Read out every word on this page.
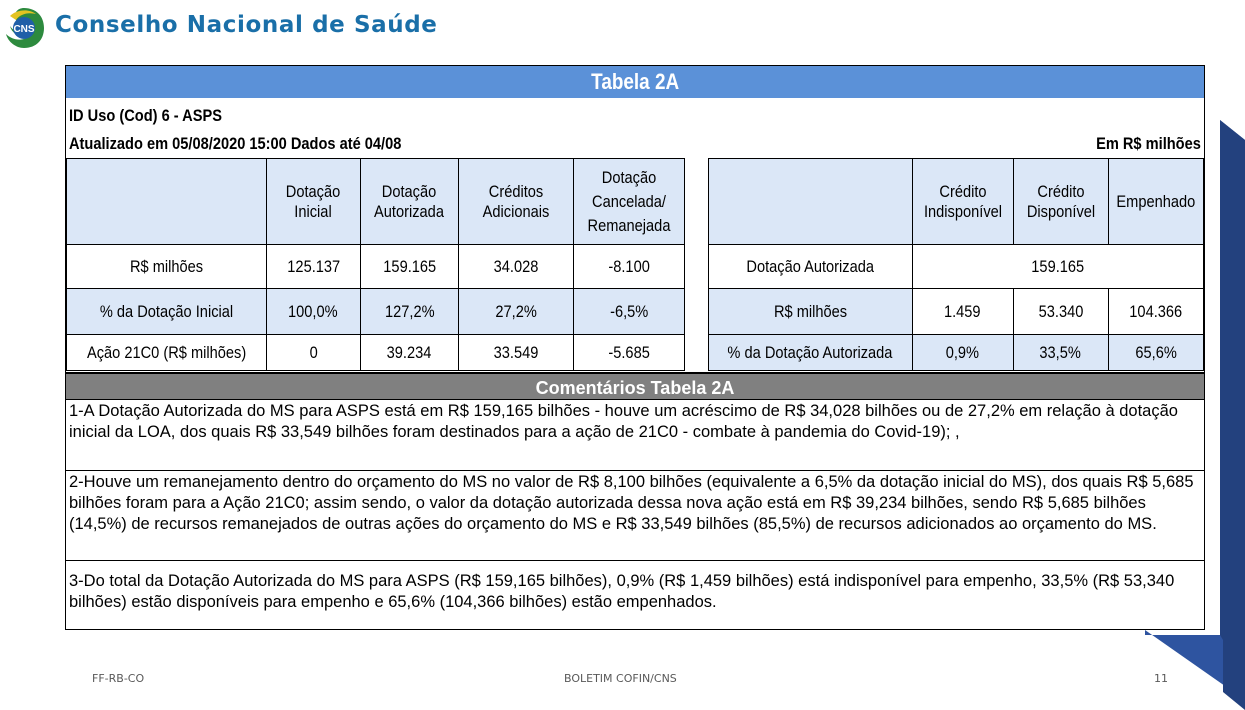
CNS Conselho Nacional de Saúde
Tabela 2A
ID Uso (Cod) 6 - ASPS
Atualizado em 05/08/2020 15:00 Dados até 04/08	Em R$ milhões
	Dotação Inicial	Dotação Autorizada	Créditos Adicionais	Dotação Cancelada/ Remanejada
R$ milhões	125.137	159.165	34.028	-8.100
% da Dotação Inicial	100,0%	127,2%	27,2%	-6,5%
Ação 21C0 (R$ milhões)	0	39.234	33.549	-5.685
	Crédito Indisponível	Crédito Disponível	Empenhado
Dotação Autorizada	159.165		
R$ milhões	1.459	53.340	104.366
% da Dotação Autorizada	0,9%	33,5%	65,6%
Comentários Tabela 2A
1-A Dotação Autorizada do MS para ASPS está em R$ 159,165 bilhões - houve um acréscimo de R$ 34,028 bilhões ou de 27,2% em relação à dotação inicial da LOA, dos quais R$ 33,549 bilhões foram destinados para a ação de 21C0 - combate à pandemia do Covid-19); ,
2-Houve um remanejamento dentro do orçamento do MS no valor de R$ 8,100 bilhões (equivalente a 6,5% da dotação inicial do MS), dos quais R$ 5,685 bilhões foram para a Ação 21C0; assim sendo, o valor da dotação autorizada dessa nova ação está em R$ 39,234 bilhões, sendo R$ 5,685 bilhões (14,5%) de recursos remanejados de outras ações do orçamento do MS e R$ 33,549 bilhões (85,5%) de recursos adicionados ao orçamento do MS.
3-Do total da Dotação Autorizada do MS para ASPS (R$ 159,165 bilhões), 0,9% (R$ 1,459 bilhões) está indisponível para empenho, 33,5% (R$ 53,340 bilhões) estão disponíveis para empenho e 65,6% (104,366 bilhões) estão empenhados.
FF-RB-CO	BOLETIM COFIN/CNS	11
